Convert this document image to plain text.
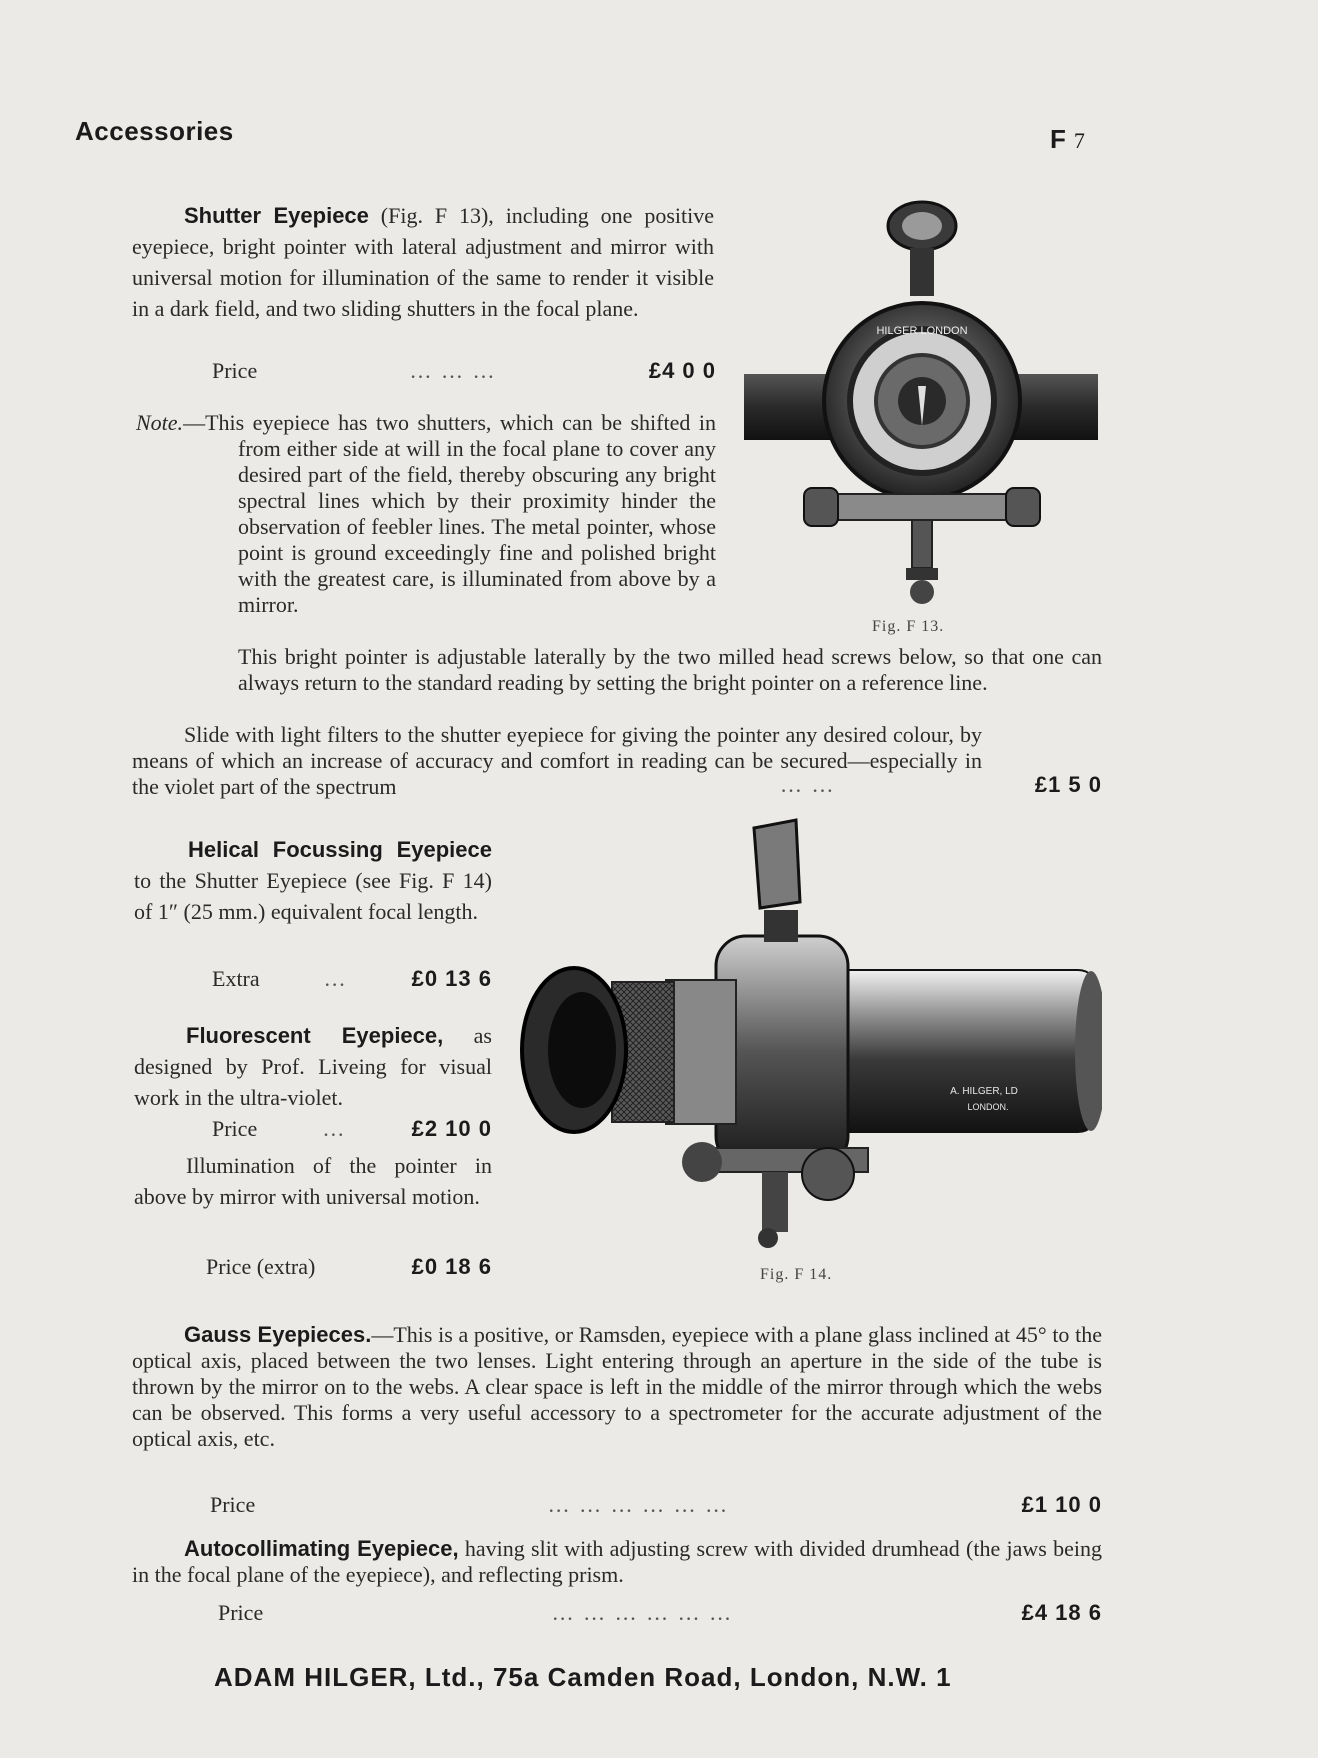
Accessories	F 7

Shutter Eyepiece (Fig. F 13), including one positive eyepiece, bright pointer with lateral adjustment and mirror with universal motion for illumination of the same to render it visible in a dark field, and two sliding shutters in the focal plane.

Price	… … …	£4 0 0

Note.—This eyepiece has two shutters, which can be shifted in from either side at will in the focal plane to cover any desired part of the field, thereby obscuring any bright spectral lines which by their proximity hinder the observation of feebler lines. The metal pointer, whose point is ground exceedingly fine and polished bright with the greatest care, is illuminated from above by a mirror.

This bright pointer is adjustable laterally by the two milled head screws below, so that one can always return to the standard reading by setting the bright pointer on a reference line.

Slide with light filters to the shutter eyepiece for giving the pointer any desired colour, by means of which an increase of accuracy and comfort in reading can be secured—especially in the violet part of the spectrum	… …	£1 5 0
HILGER LONDON
Fig. F 13.

Helical Focussing Eyepiece to the Shutter Eyepiece (see Fig. F 14) of 1″ (25 mm.) equivalent focal length.

Extra	…	£0 13 6

Fluorescent Eyepiece, as designed by Prof. Liveing for visual work in the ultra-violet.

Price	…	£2 10 0

Illumination of the pointer in above by mirror with universal motion.

Price (extra)	£0 18 6
A. HILGER, LD
LONDON.
Fig. F 14.

Gauss Eyepieces.—This is a positive, or Ramsden, eyepiece with a plane glass inclined at 45° to the optical axis, placed between the two lenses. Light entering through an aperture in the side of the tube is thrown by the mirror on to the webs. A clear space is left in the middle of the mirror through which the webs can be observed. This forms a very useful accessory to a spectrometer for the accurate adjustment of the optical axis, etc.

Price	… … … … … …	£1 10 0

Autocollimating Eyepiece, having slit with adjusting screw with divided drumhead (the jaws being in the focal plane of the eyepiece), and reflecting prism.

Price	… … … … … …	£4 18 6
ADAM HILGER, Ltd., 75a Camden Road, London, N.W. 1
